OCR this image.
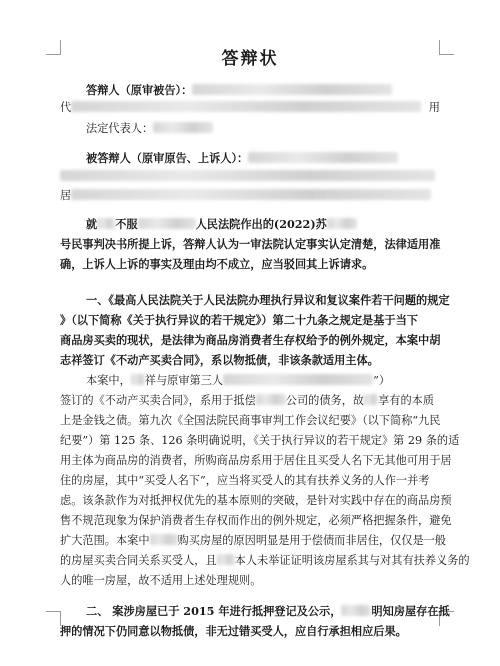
答辩状
答辩人（原审被告）：
代	用
法定代表人：
被答辩人（原审原告、上诉人）：
居
就 不服	人民法院作出的(2022)苏
号民事判决书所提上诉，答辩人认为一审法院认定事实认定清楚，法律适用准
确，上诉人上诉的事实及理由均不成立，应当驳回其上诉请求。
一、《最高人民法院关于人民法院办理执行异议和复议案件若干问题的规定
》（以下简称《关于执行异议的若干规定》）第二十九条之规定是基于当下
商品房买卖的现状，是法律为商品房消费者生存权给予的例外规定，本案中胡
志祥签订《不动产买卖合同》，系以物抵债，非该条款适用主体。
本案中， 祥与原审第三人	”）
签订的《不动产买卖合同》，系用于抵偿	公司的债务，故 享有的本质
上是金钱之债。第九次《全国法院民商事审判工作会议纪要》（以下简称“九民
纪要”）第 125 条、126 条明确说明，《关于执行异议的若干规定》第 29 条的适
用主体为商品房的消费者，所购商品房系用于居住且买受人名下无其他可用于居
住的房屋，其中“买受人名下”，应当将买受人的其有扶养义务的人作一并考
虑。该条款作为对抵押权优先的基本原则的突破，是针对实践中存在的商品房预
售不规范现象为保护消费者生存权而作出的例外规定，必须严格把握条件，避免
扩大范围。本案中	购买房屋的原因明显是用于偿债而非居住，仅仅是一般
的房屋买卖合同关系买受人，且 本人未举证证明该房屋系其与对其有扶养义务的
人的唯一房屋，故不适用上述处理规则。
二、 案涉房屋已于 2015 年进行抵押登记及公示，	明知房屋存在抵
押的情况下仍同意以物抵债，非无过错买受人，应自行承担相应后果。
